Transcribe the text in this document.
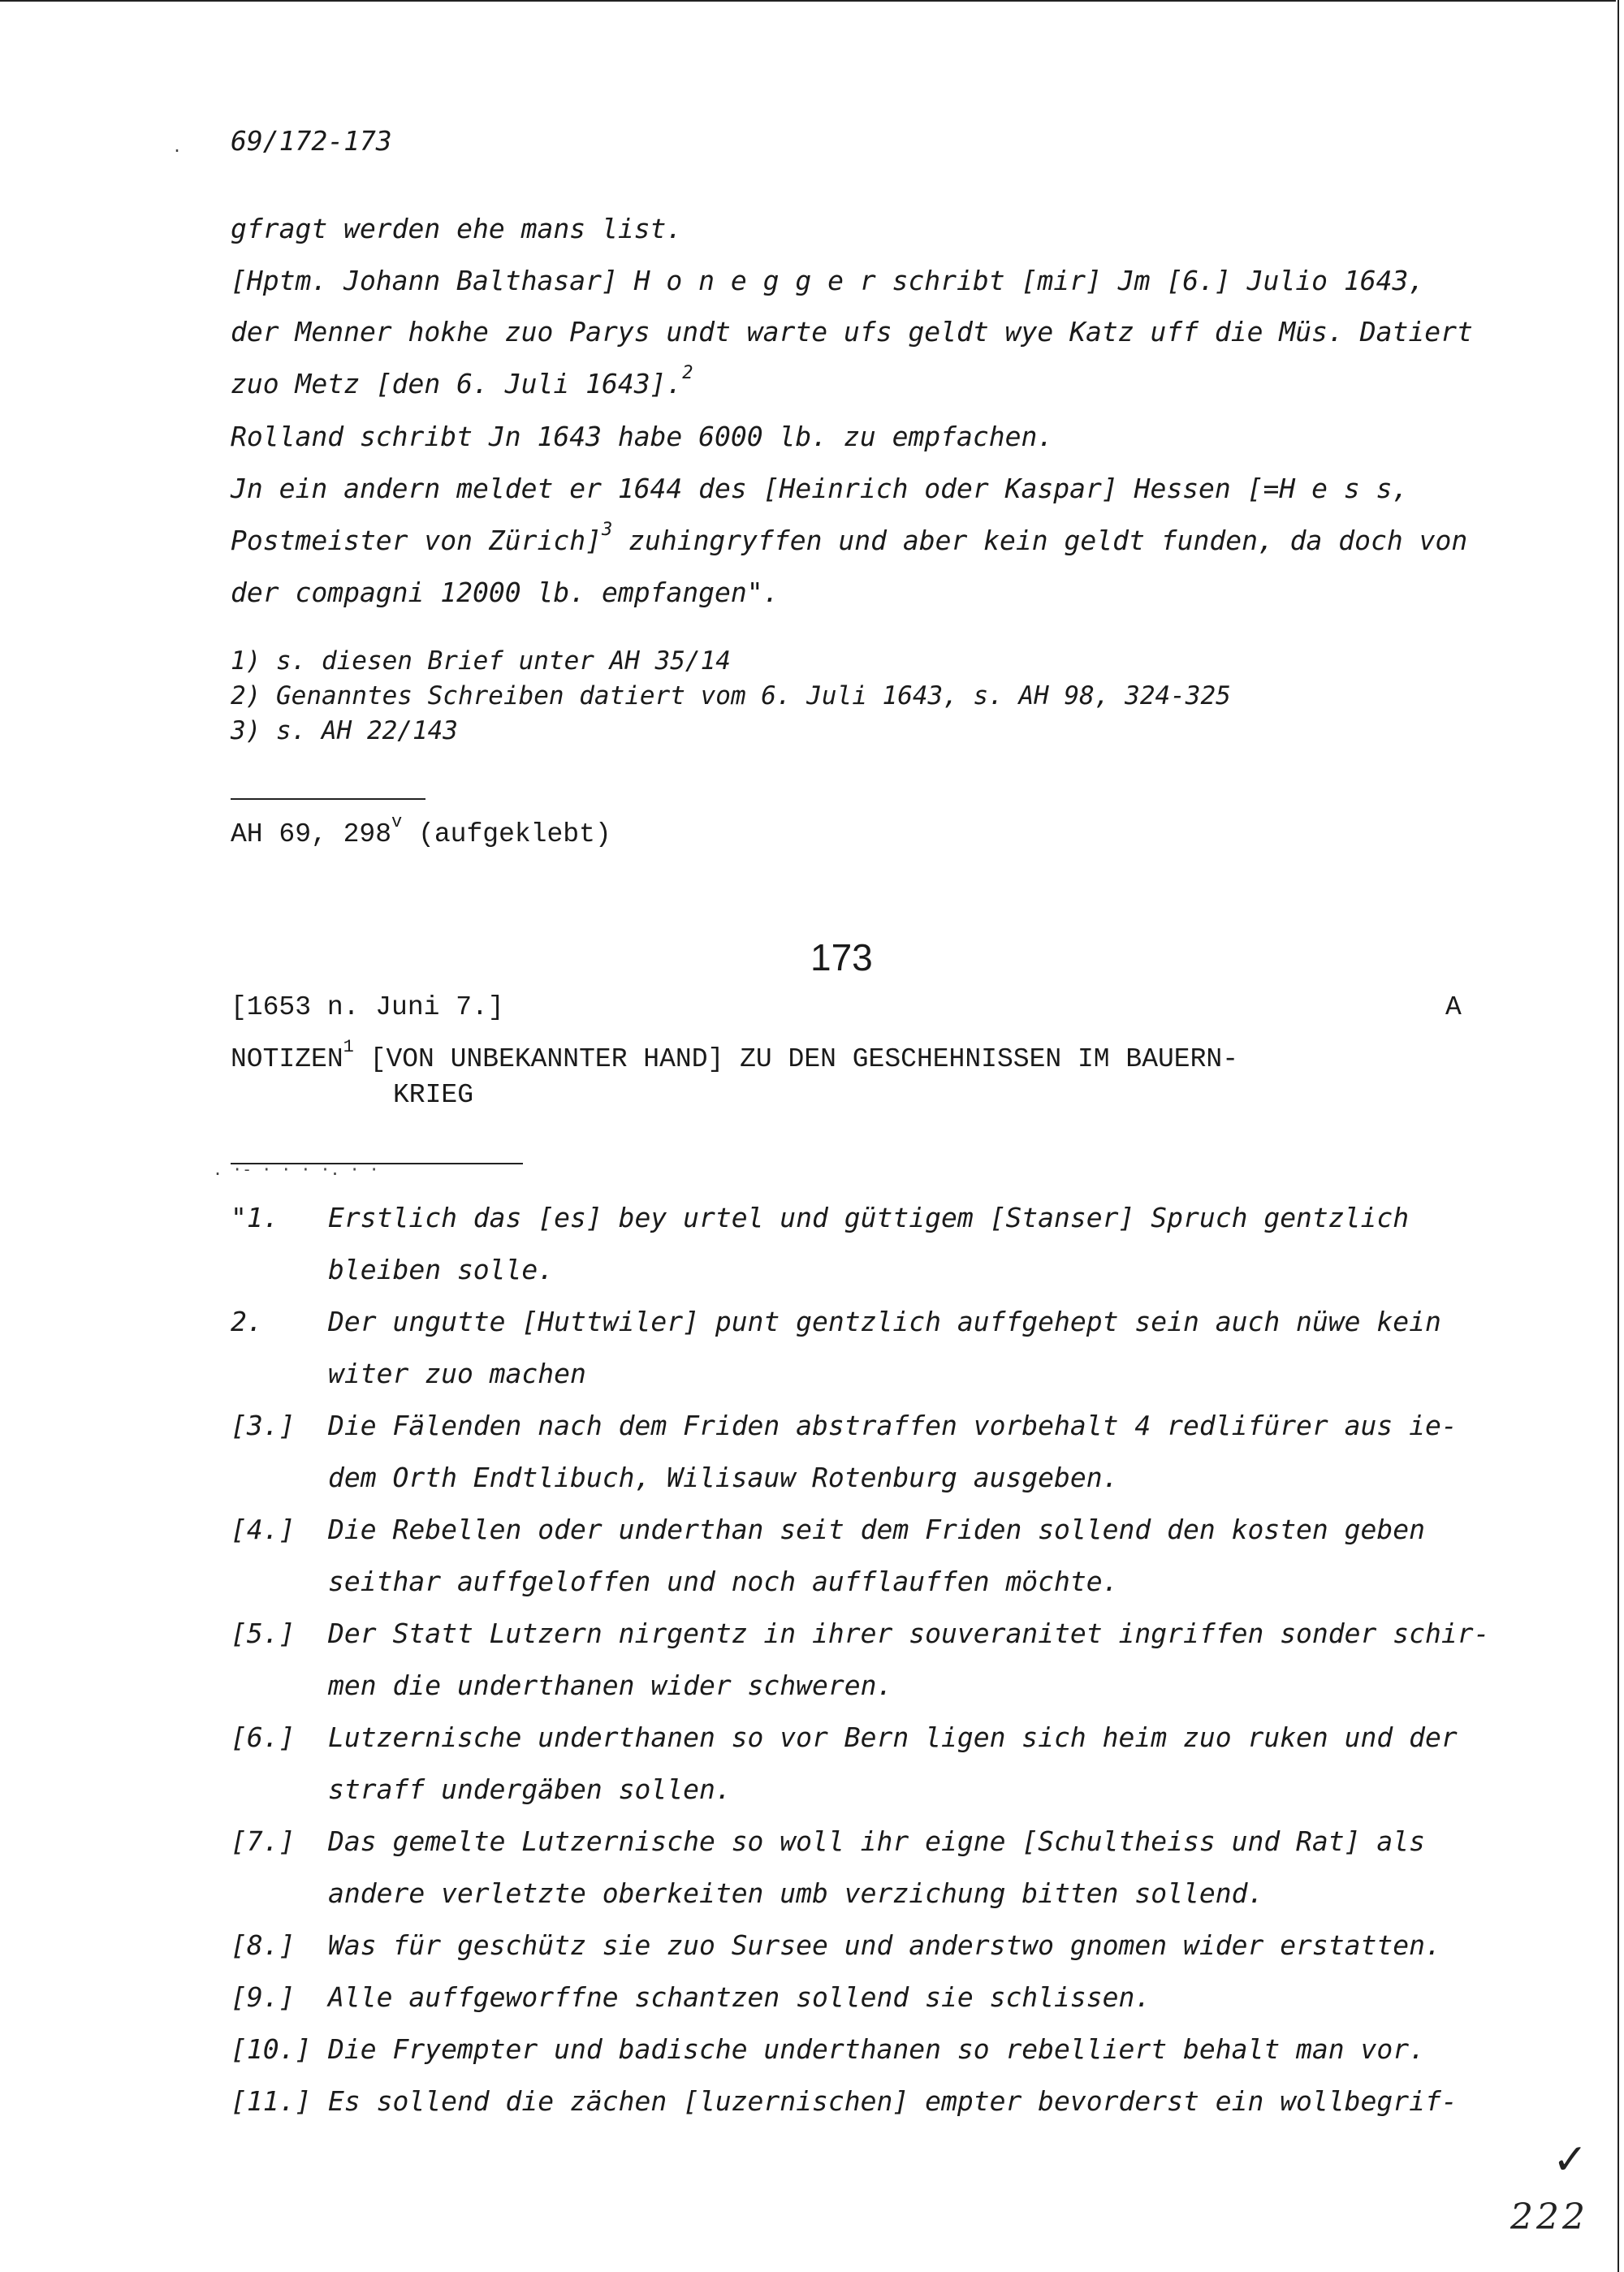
. 69/172-173
gfragt werden ehe mans list.
[Hptm. Johann Balthasar] H o n e g g e r schribt [mir] Jm [6.] Julio 1643,
der Menner hokhe zuo Parys undt warte ufs geldt wye Katz uff die Müs. Datiert
zuo Metz [den 6. Juli 1643].$^2$
Rolland schribt Jn 1643 habe 6000 lb. zu empfachen.
Jn ein andern meldet er 1644 des [Heinrich oder Kaspar] Hessen [=H e s s,
Postmeister von Zürich]$^3$ zuhingryffen und aber kein geldt funden, da doch von
der compagni 12000 lb. empfangen".
1) s. diesen Brief unter AH 35/14
2) Genanntes Schreiben datiert vom 6. Juli 1643, s. AH 98, 324-325
3) s. AH 22/143
AH 69, 298$^v$ (aufgeklebt)
173
[1653 n. Juni 7.]	A
NOTIZEN$^1$ [VON UNBEKANNTER HAND] ZU DEN GESCHEHNISSEN IM BAUERN-
KRIEG
. ·- · · · ·. · ·
"1.	Erstlich das [es] bey urtel und güttigem [Stanser] Spruch gentzlich
bleiben solle.
2.	Der ungutte [Huttwiler] punt gentzlich auffgehept sein auch nüwe kein
witer zuo machen
[3.]	Die Fälenden nach dem Friden abstraffen vorbehalt 4 redlifürer aus ie-
dem Orth Endtlibuch, Wilisauw Rotenburg ausgeben.
[4.]	Die Rebellen oder underthan seit dem Friden sollend den kosten geben
seithar auffgeloffen und noch aufflauffen möchte.
[5.]	Der Statt Lutzern nirgentz in ihrer souveranitet ingriffen sonder schir-
men die underthanen wider schweren.
[6.]	Lutzernische underthanen so vor Bern ligen sich heim zuo ruken und der
straff undergäben sollen.
[7.]	Das gemelte Lutzernische so woll ihr eigne [Schultheiss und Rat] als
andere verletzte oberkeiten umb verzichung bitten sollend.
[8.]	Was für geschütz sie zuo Sursee und anderstwo gnomen wider erstatten.
[9.]	Alle auffgeworffne schantzen sollend sie schlissen.
[10.] Die Fryempter und badische underthanen so rebelliert behalt man vor.
[11.] Es sollend die zächen [luzernischen] empter bevorderst ein wollbegrif-
✓
222
